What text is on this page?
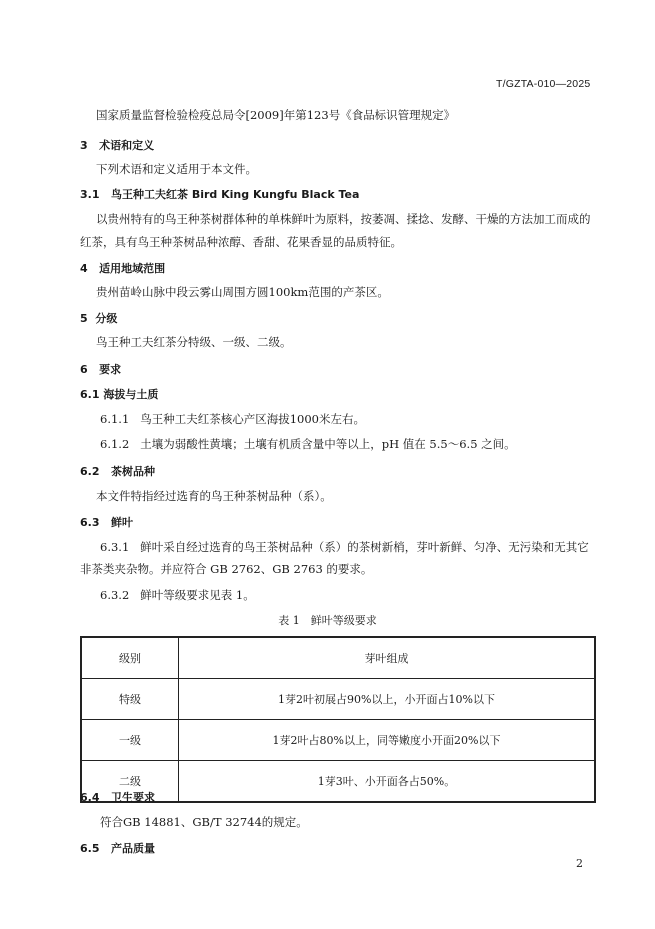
T/GZTA-010—2025
国家质量监督检验检疫总局令[2009]年第123号《食品标识管理规定》
3 术语和定义
下列术语和定义适用于本文件。
3.1 鸟王种工夫红茶 Bird King Kungfu Black Tea
以贵州特有的鸟王种茶树群体种的单株鲜叶为原料，按萎凋、揉捻、发酵、干燥的方法加工而成的
红茶，具有鸟王种茶树品种浓醇、香甜、花果香显的品质特征。
4 适用地域范围
贵州苗岭山脉中段云雾山周围方圆100km范围的产茶区。
5 分级
鸟王种工夫红茶分特级、一级、二级。
6 要求
6.1 海拔与土质
6.1.1 鸟王种工夫红茶核心产区海拔1000米左右。
6.1.2 土壤为弱酸性黄壤；土壤有机质含量中等以上，pH 值在 5.5～6.5 之间。
6.2 茶树品种
本文件特指经过选育的鸟王种茶树品种（系）。
6.3 鲜叶
6.3.1 鲜叶采自经过选育的鸟王茶树品种（系）的茶树新梢，芽叶新鲜、匀净、无污染和无其它
非茶类夹杂物。并应符合 GB 2762、GB 2763 的要求。
6.3.2 鲜叶等级要求见表 1。
表 1　鲜叶等级要求
级别	芽叶组成
特级	1芽2叶初展占90%以上，小开面占10%以下
一级	1芽2叶占80%以上，同等嫩度小开面20%以下
二级	1芽3叶、小开面各占50%。
6.4 卫生要求
符合GB 14881、GB/T 32744的规定。
6.5 产品质量
2
